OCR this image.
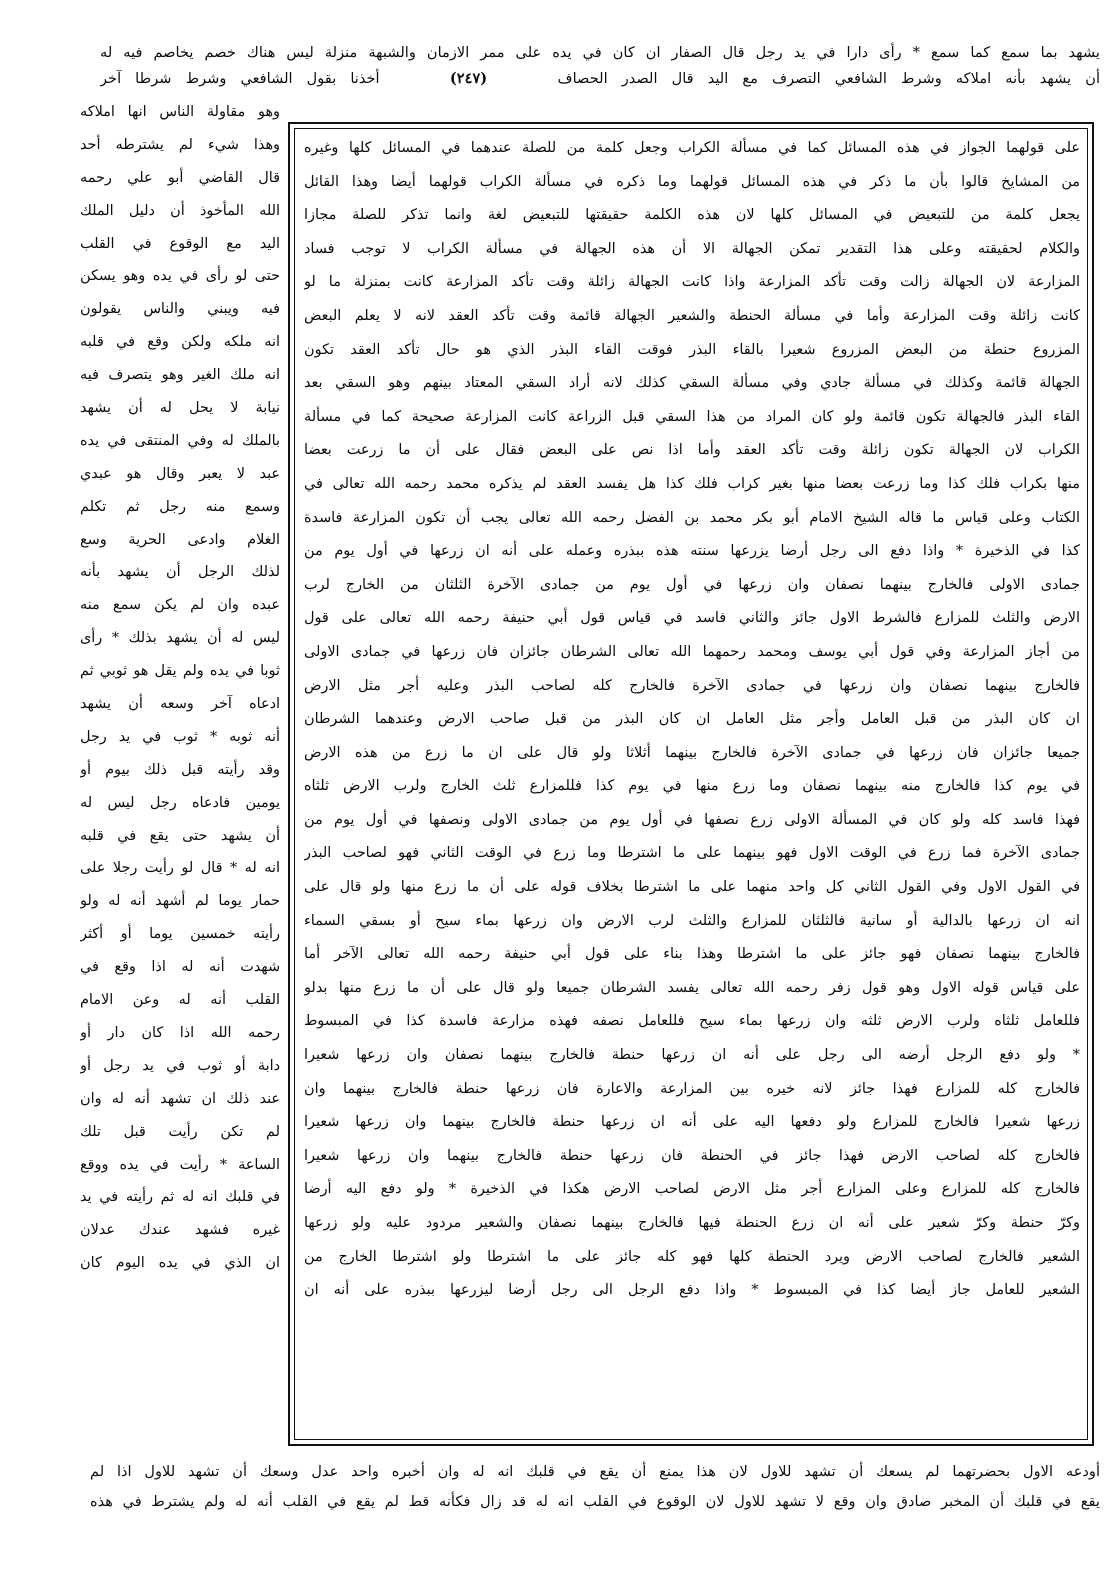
يشهد بما سمع كما سمع * رأى دارا في يد رجل قال الصفار ان كان في يده على ممر الازمان والشبهة منزلة ليس هناك خصم يخاصم فيه له
أن يشهد بأنه املاكه وشرط الشافعي التصرف مع اليد قال الصدر الحصاف     (٢٤٧)     أخذنا بقول الشافعي وشرط شرطا آخر
على قولهما الجواز في هذه المسائل كما في مسألة الكراب وجعل كلمة من للصلة عندهما في المسائل كلها وغيره
من المشايخ قالوا بأن ما ذكر في هذه المسائل قولهما وما ذكره في مسألة الكراب قولهما أيضا وهذا القائل
يجعل كلمة من للتبعيض في المسائل كلها لان هذه الكلمة حقيقتها للتبعيض لغة وانما تذكر للصلة مجازا
والكلام لحقيقته وعلى هذا التقدير تمكن الجهالة الا أن هذه الجهالة في مسألة الكراب لا توجب فساد
المزارعة لان الجهالة زالت وقت تأكد المزارعة واذا كانت الجهالة زائلة وقت تأكد المزارعة كانت بمنزلة ما لو
كانت زائلة وقت المزارعة وأما في مسألة الحنطة والشعير الجهالة قائمة وقت تأكد العقد لانه لا يعلم البعض
المزروع حنطة من البعض المزروع شعيرا بالقاء البذر فوقت القاء البذر الذي هو حال تأكد العقد تكون
الجهالة قائمة وكذلك في مسألة جادي وفي مسألة السقي كذلك لانه أراد السقي المعتاد بينهم وهو السقي بعد
القاء البذر فالجهالة تكون قائمة ولو كان المراد من هذا السقي قبل الزراعة كانت المزارعة صحيحة كما في مسألة
الكراب لان الجهالة تكون زائلة وقت تأكد العقد وأما اذا نص على البعض فقال على أن ما زرعت بعضا
منها بكراب فلك كذا وما زرعت بعضا منها بغير كراب فلك كذا هل يفسد العقد لم يذكره محمد رحمه الله تعالى في
الكتاب وعلى قياس ما قاله الشيخ الامام أبو بكر محمد بن الفضل رحمه الله تعالى يجب أن تكون المزارعة فاسدة
كذا في الذخيرة * واذا دفع الى رجل أرضا يزرعها سنته هذه ببذره وعمله على أنه ان زرعها في أول يوم من
جمادى الاولى فالخارج بينهما نصفان وان زرعها في أول يوم من جمادى الآخرة الثلثان من الخارج لرب
الارض والثلث للمزارع فالشرط الاول جائز والثاني فاسد في قياس قول أبي حنيفة رحمه الله تعالى على قول
من أجاز المزارعة وفي قول أبي يوسف ومحمد رحمهما الله تعالى الشرطان جائزان فان زرعها في جمادى الاولى
فالخارج بينهما نصفان وان زرعها في جمادى الآخرة فالخارج كله لصاحب البذر وعليه أجر مثل الارض
ان كان البذر من قبل العامل وأجر مثل العامل ان كان البذر من قبل صاحب الارض وعندهما الشرطان
جميعا جائزان فان زرعها في جمادى الآخرة فالخارج بينهما أثلاثا ولو قال على ان ما زرع من هذه الارض
في يوم كذا فالخارج منه بينهما نصفان وما زرع منها في يوم كذا فللمزارع ثلث الخارج ولرب الارض ثلثاه
فهذا فاسد كله ولو كان في المسألة الاولى زرع نصفها في أول يوم من جمادى الاولى ونصفها في أول يوم من
جمادى الآخرة فما زرع في الوقت الاول فهو بينهما على ما اشترطا وما زرع في الوقت الثاني فهو لصاحب البذر
في القول الاول وفي القول الثاني كل واحد منهما على ما اشترطا بخلاف قوله على أن ما زرع منها ولو قال على
انه ان زرعها بالدالية أو سانية فالثلثان للمزارع والثلث لرب الارض وان زرعها بماء سيح أو بسقي السماء
فالخارج بينهما نصفان فهو جائز على ما اشترطا وهذا بناء على قول أبي حنيفة رحمه الله تعالى الآخر أما
على قياس قوله الاول وهو قول زفر رحمه الله تعالى يفسد الشرطان جميعا ولو قال على أن ما زرع منها بدلو
فللعامل ثلثاه ولرب الارض ثلثه وان زرعها بماء سيح فللعامل نصفه فهذه مزارعة فاسدة كذا في المبسوط
* ولو دفع الرجل أرضه الى رجل على أنه ان زرعها حنطة فالخارج بينهما نصفان وان زرعها شعيرا
فالخارج كله للمزارع فهذا جائز لانه خيره بين المزارعة والاعارة فان زرعها حنطة فالخارج بينهما وان
زرعها شعيرا فالخارج للمزارع ولو دفعها اليه على أنه ان زرعها حنطة فالخارج بينهما وان زرعها شعيرا
فالخارج كله لصاحب الارض فهذا جائز في الحنطة فان زرعها حنطة فالخارج بينهما وان زرعها شعيرا
فالخارج كله للمزارع وعلى المزارع أجر مثل الارض لصاحب الارض هكذا في الذخيرة * ولو دفع اليه أرضا
وكرّ حنطة وكرّ شعير على أنه ان زرع الحنطة فيها فالخارج بينهما نصفان والشعير مردود عليه ولو زرعها
الشعير فالخارج لصاحب الارض ويرد الحنطة كلها فهو كله جائز على ما اشترطا ولو اشترطا الخارج من
الشعير للعامل جاز أيضا كذا في المبسوط * واذا دفع الرجل الى رجل أرضا ليزرعها ببذره على أنه ان
وهو مقاولة الناس انها املاكه
وهذا شيء لم يشترطه أحد
قال القاضي أبو علي رحمه
الله المأخوذ أن دليل الملك
اليد مع الوقوع في القلب
حتى لو رأى في يده وهو يسكن
فيه ويبني والناس يقولون
انه ملكه ولكن وقع في قلبه
انه ملك الغير وهو يتصرف فيه
نيابة لا يحل له أن يشهد
بالملك له وفي المنتقى في يده
عبد لا يعبر وقال هو عبدي
وسمع منه رجل ثم تكلم
الغلام وادعى الحرية وسع
لذلك الرجل أن يشهد بأنه
عبده وان لم يكن سمع منه
ليس له أن يشهد بذلك * رأى
ثوبا في يده ولم يقل هو ثوبي ثم
ادعاه آخر وسعه أن يشهد
أنه ثوبه * ثوب في يد رجل
وقد رأيته قبل ذلك بيوم أو
يومين فادعاه رجل ليس له
أن يشهد حتى يقع في قلبه
انه له * قال لو رأيت رجلا على
حمار يوما لم أشهد أنه له ولو
رأيته خمسين يوما أو أكثر
شهدت أنه له اذا وقع في
القلب أنه له وعن الامام
رحمه الله اذا كان دار أو
دابة أو ثوب في يد رجل أو
عند ذلك ان تشهد أنه له وان
لم تكن رأيت قبل تلك
الساعة * رأيت في يده ووقع
في قلبك انه له ثم رأيته في يد
غيره فشهد عندك عدلان
ان الذي في يده اليوم كان
أودعه الاول بحضرتهما لم يسعك أن تشهد للاول لان هذا يمنع أن يقع في قلبك انه له وان أخبره واحد عدل وسعك أن تشهد للاول اذا لم
يقع في قلبك أن المخبر صادق وان وقع لا تشهد للاول لان الوقوع في القلب انه له قد زال فكأنه قط لم يقع في القلب أنه له ولم يشترط في هذه
